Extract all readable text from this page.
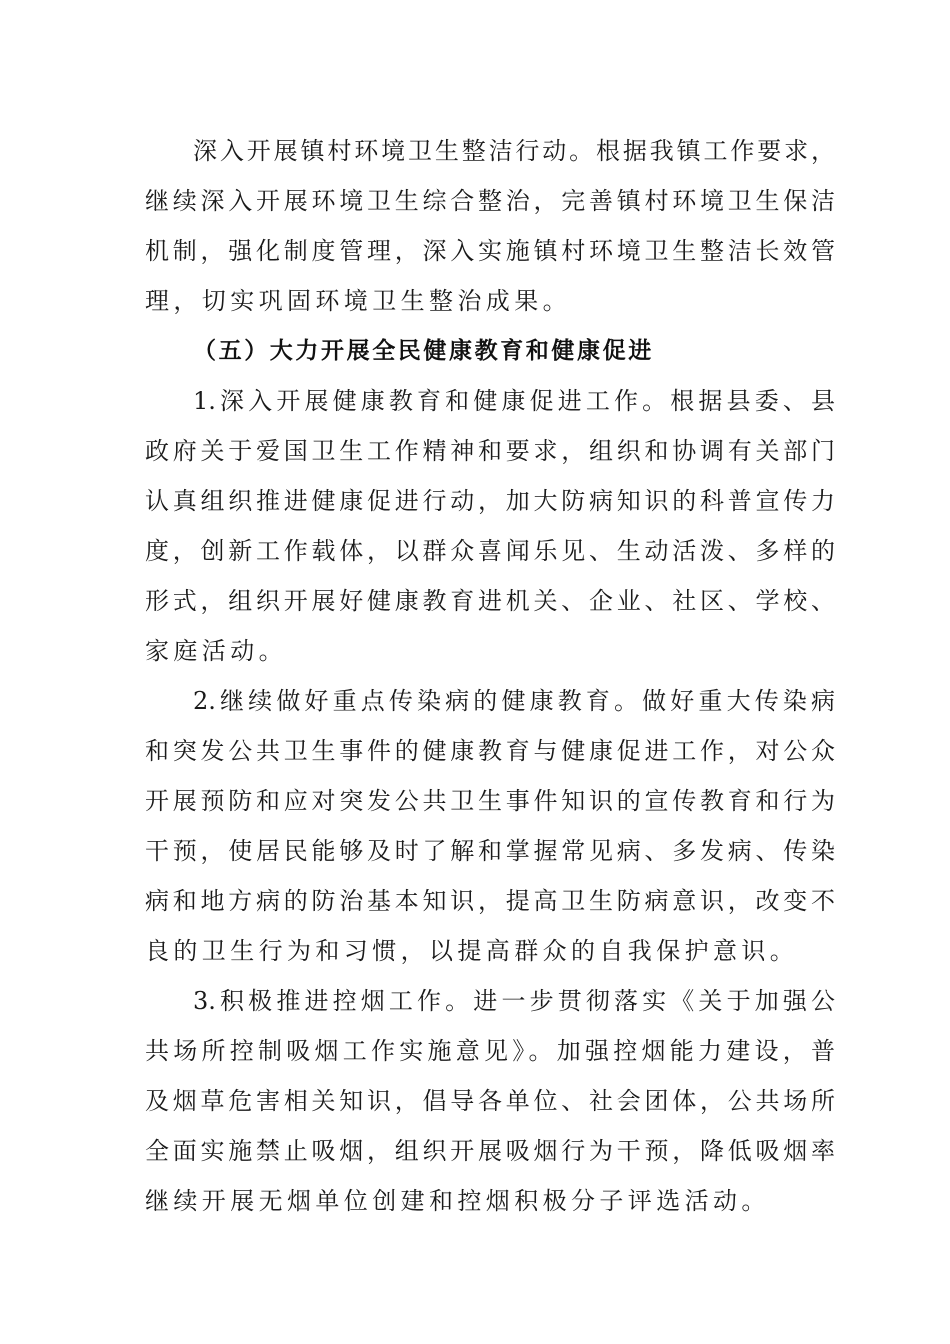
深入开展镇村环境卫生整洁行动。根据我镇工作要求，
继续深入开展环境卫生综合整治，完善镇村环境卫生保洁
机制，强化制度管理，深入实施镇村环境卫生整洁长效管
理，切实巩固环境卫生整治成果。
（五）大力开展全民健康教育和健康促进
1.深入开展健康教育和健康促进工作。根据县委、县
政府关于爱国卫生工作精神和要求，组织和协调有关部门
认真组织推进健康促进行动，加大防病知识的科普宣传力
度，创新工作载体，以群众喜闻乐见、生动活泼、多样的
形式，组织开展好健康教育进机关、企业、社区、学校、
家庭活动。
2.继续做好重点传染病的健康教育。做好重大传染病
和突发公共卫生事件的健康教育与健康促进工作，对公众
开展预防和应对突发公共卫生事件知识的宣传教育和行为
干预，使居民能够及时了解和掌握常见病、多发病、传染
病和地方病的防治基本知识，提高卫生防病意识，改变不
良的卫生行为和习惯，以提高群众的自我保护意识。
3.积极推进控烟工作。进一步贯彻落实《关于加强公
共场所控制吸烟工作实施意见》。加强控烟能力建设，普
及烟草危害相关知识，倡导各单位、社会团体，公共场所
全面实施禁止吸烟，组织开展吸烟行为干预，降低吸烟率
继续开展无烟单位创建和控烟积极分子评选活动。
